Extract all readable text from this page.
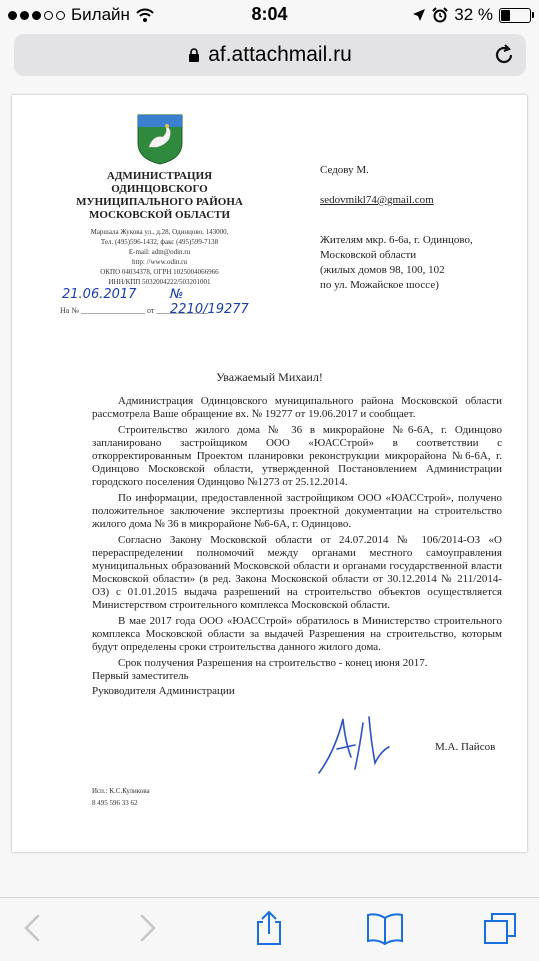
Билайн	8:04	32 %
af.attachmail.ru
АДМИНИСТРАЦИЯ
ОДИНЦОВСКОГО
МУНИЦИПАЛЬНОГО РАЙОНА
МОСКОВСКОЙ ОБЛАСТИ
Маршала Жукова ул., д.28, Одинцово, 143000,
Тел. (495)596-1432, факс (495)599-7138
E-mail: adm@odin.ru
http: //www.odin.ru
ОКПО 04034378, ОГРН 1025004066966
ИНН/КПП 5032004222/503201001
21.06.2017	№ 2210/19277
На № ________________ от _____________
Седову М.
sedovmikl74@gmail.com
Жителям мкр. 6-6а, г. Одинцово,
Московской области
(жилых домов 98, 100, 102
по ул. Можайское шоссе)
Уважаемый Михаил!

Администрация Одинцовского муниципального района Московской области рассмотрела Ваше обращение вх. № 19277 от 19.06.2017 и сообщает.

Строительство жилого дома № 36 в микрорайоне №6-6А, г. Одинцово запланировано застройщиком ООО «ЮАССтрой» в соответствии с откорректированным Проектом планировки реконструкции микрорайона №6-6А, г. Одинцово Московской области, утвержденной Постановлением Администрации городского поселения Одинцово №1273 от 25.12.2014.

По информации, предоставленной застройщиком ООО «ЮАССтрой», получено положительное заключение экспертизы проектной документации на строительство жилого дома № 36 в микрорайоне №6-6А, г. Одинцово.

Согласно Закону Московской области от 24.07.2014 № 106/2014-ОЗ «О перераспределении полномочий между органами местного самоуправления муниципальных образований Московской области и органами государственной власти Московской области» (в ред. Закона Московской области от 30.12.2014 № 211/2014-ОЗ) с 01.01.2015 выдача разрешений на строительство объектов осуществляется Министерством строительного комплекса Московской области.

В мае 2017 года ООО «ЮАССтрой» обратилось в Министерство строительного комплекса Московской области за выдачей Разрешения на строительство, которым будут определены сроки строительства данного жилого дома.

Срок получения Разрешения на строительство - конец июня 2017.

Первый заместитель
Руководителя Администрации
М.А. Пайсов
Исп.: К.С.Куликова
8 495 596 33 62
